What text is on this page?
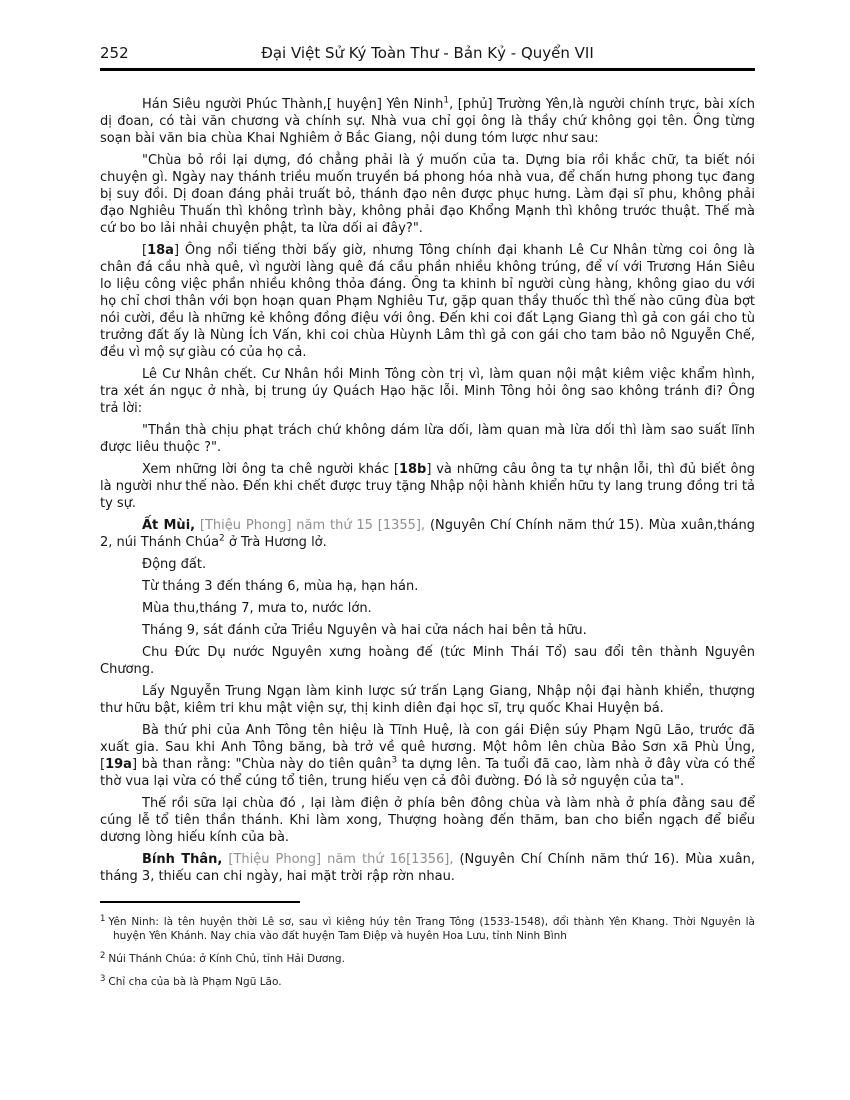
252	Đại Việt Sử Ký Toàn Thư - Bản Kỷ - Quyển VII

Hán Siêu người Phúc Thành,[ huyện] Yên Ninh$^1$, [phủ] Trường Yên,là người chính trực, bài xích dị đoan, có tài văn chương và chính sự. Nhà vua chỉ gọi ông là thầy chứ không gọi tên. Ông từng soạn bài văn bia chùa Khai Nghiêm ở Bắc Giang, nội dung tóm lược như sau:

"Chùa bỏ rồi lại dựng, đó chẳng phải là ý muốn của ta. Dựng bia rồi khắc chữ, ta biết nói chuyện gì. Ngày nay thánh triều muốn truyền bá phong hóa nhà vua, để chấn hưng phong tục đang bị suy đồi. Dị đoan đáng phải truất bỏ, thánh đạo nên được phục hưng. Làm đại sĩ phu, không phải đạo Nghiêu Thuấn thì không trình bày, không phải đạo Khổng Mạnh thì không trước thuật. Thế mà cứ bo bo lải nhải chuyện phật, ta lừa dối ai đây?".

[18a] Ông nổi tiếng thời bấy giờ, nhưng Tông chính đại khanh Lê Cư Nhân từng coi ông là chân đá cầu nhà quê, vì người làng quê đá cầu phần nhiều không trúng, để ví với Trương Hán Siêu lo liệu công việc phần nhiều không thỏa đáng. Ông ta khinh bỉ người cùng hàng, không giao du với họ chỉ chơi thân với bọn hoạn quan Phạm Nghiêu Tư, gặp quan thầy thuốc thì thế nào cũng đùa bợt nói cười, đều là những kẻ không đồng điệu với ông. Đến khi coi đất Lạng Giang thì gả con gái cho tù trưởng đất ấy là Nùng Ích Vấn, khi coi chùa Hùynh Lâm thì gả con gái cho tam bảo nô Nguyễn Chế, đều vì mộ sự giàu có của họ cả.

Lê Cư Nhân chết. Cư Nhân hồi Minh Tông còn trị vì, làm quan nội mật kiêm việc khẩm hình, tra xét án ngục ở nhà, bị trung úy Quách Hạo hặc lỗi. Minh Tông hỏi ông sao không tránh đi? Ông trả lời:

"Thần thà chịu phạt trách chứ không dám lừa dối, làm quan mà lừa dối thì làm sao suất lĩnh được liêu thuộc ?".

Xem những lời ông ta chê người khác [18b] và những câu ông ta tự nhận lỗi, thì đủ biết ông là người như thế nào. Đến khi chết được truy tặng Nhập nội hành khiển hữu ty lang trung đồng tri tả ty sự.

Ất Mùi, [Thiệu Phong] năm thứ 15 [1355], (Nguyên Chí Chính năm thứ 15). Mùa xuân,tháng 2, núi Thánh Chúa$^2$ ở Trà Hương lở.

Động đất.

Từ tháng 3 đến tháng 6, mùa hạ, hạn hán.

Mùa thu,tháng 7, mưa to, nước lớn.

Tháng 9, sát đánh cửa Triều Nguyên và hai cửa nách hai bên tả hữu.

Chu Đức Dụ nước Nguyên xưng hoàng đế (tức Minh Thái Tổ) sau đổi tên thành Nguyên Chương.

Lấy Nguyễn Trung Ngạn làm kinh lược sứ trấn Lạng Giang, Nhập nội đại hành khiển, thượng thư hữu bật, kiêm tri khu mật viện sự, thị kinh diên đại học sĩ, trụ quốc Khai Huyện bá.

Bà thứ phi của Anh Tông tên hiệu là Tĩnh Huệ, là con gái Điện súy Phạm Ngũ Lão, trước đã xuất gia. Sau khi Anh Tông băng, bà trở về quê hương. Một hôm lên chùa Bảo Sơn xã Phù Ủng, [19a] bà than rằng: "Chùa này do tiên quân$^3$ ta dựng lên. Ta tuổi đã cao, làm nhà ở đây vừa có thể thờ vua lại vừa có thể cúng tổ tiên, trung hiếu vẹn cả đôi đường. Đó là sở nguyện của ta".

Thế rồi sữa lại chùa đó , lại làm điện ở phía bên đông chùa và làm nhà ở phía đằng sau để cúng lễ tổ tiên thần thánh. Khi làm xong, Thượng hoàng đến thăm, ban cho biển ngạch để biểu dương lòng hiếu kính của bà.

Bính Thân, [Thiệu Phong] năm thứ 16[1356], (Nguyên Chí Chính năm thứ 16). Mùa xuân, tháng 3, thiếu can chi ngày, hai mặt trời rập rờn nhau.

$^1$ Yên Ninh: là tên huyện thời Lê sơ, sau vì kiêng húy tên Trang Tông (1533-1548), đổi thành Yên Khang. Thời Nguyên là huyện Yên Khánh. Nay chia vào đất huyện Tam Điệp và huyên Hoa Lưu, tỉnh Ninh Bình
$^2$ Núi Thánh Chúa: ở Kính Chủ, tỉnh Hải Dương.
$^3$ Chỉ cha của bà là Phạm Ngũ Lão.
